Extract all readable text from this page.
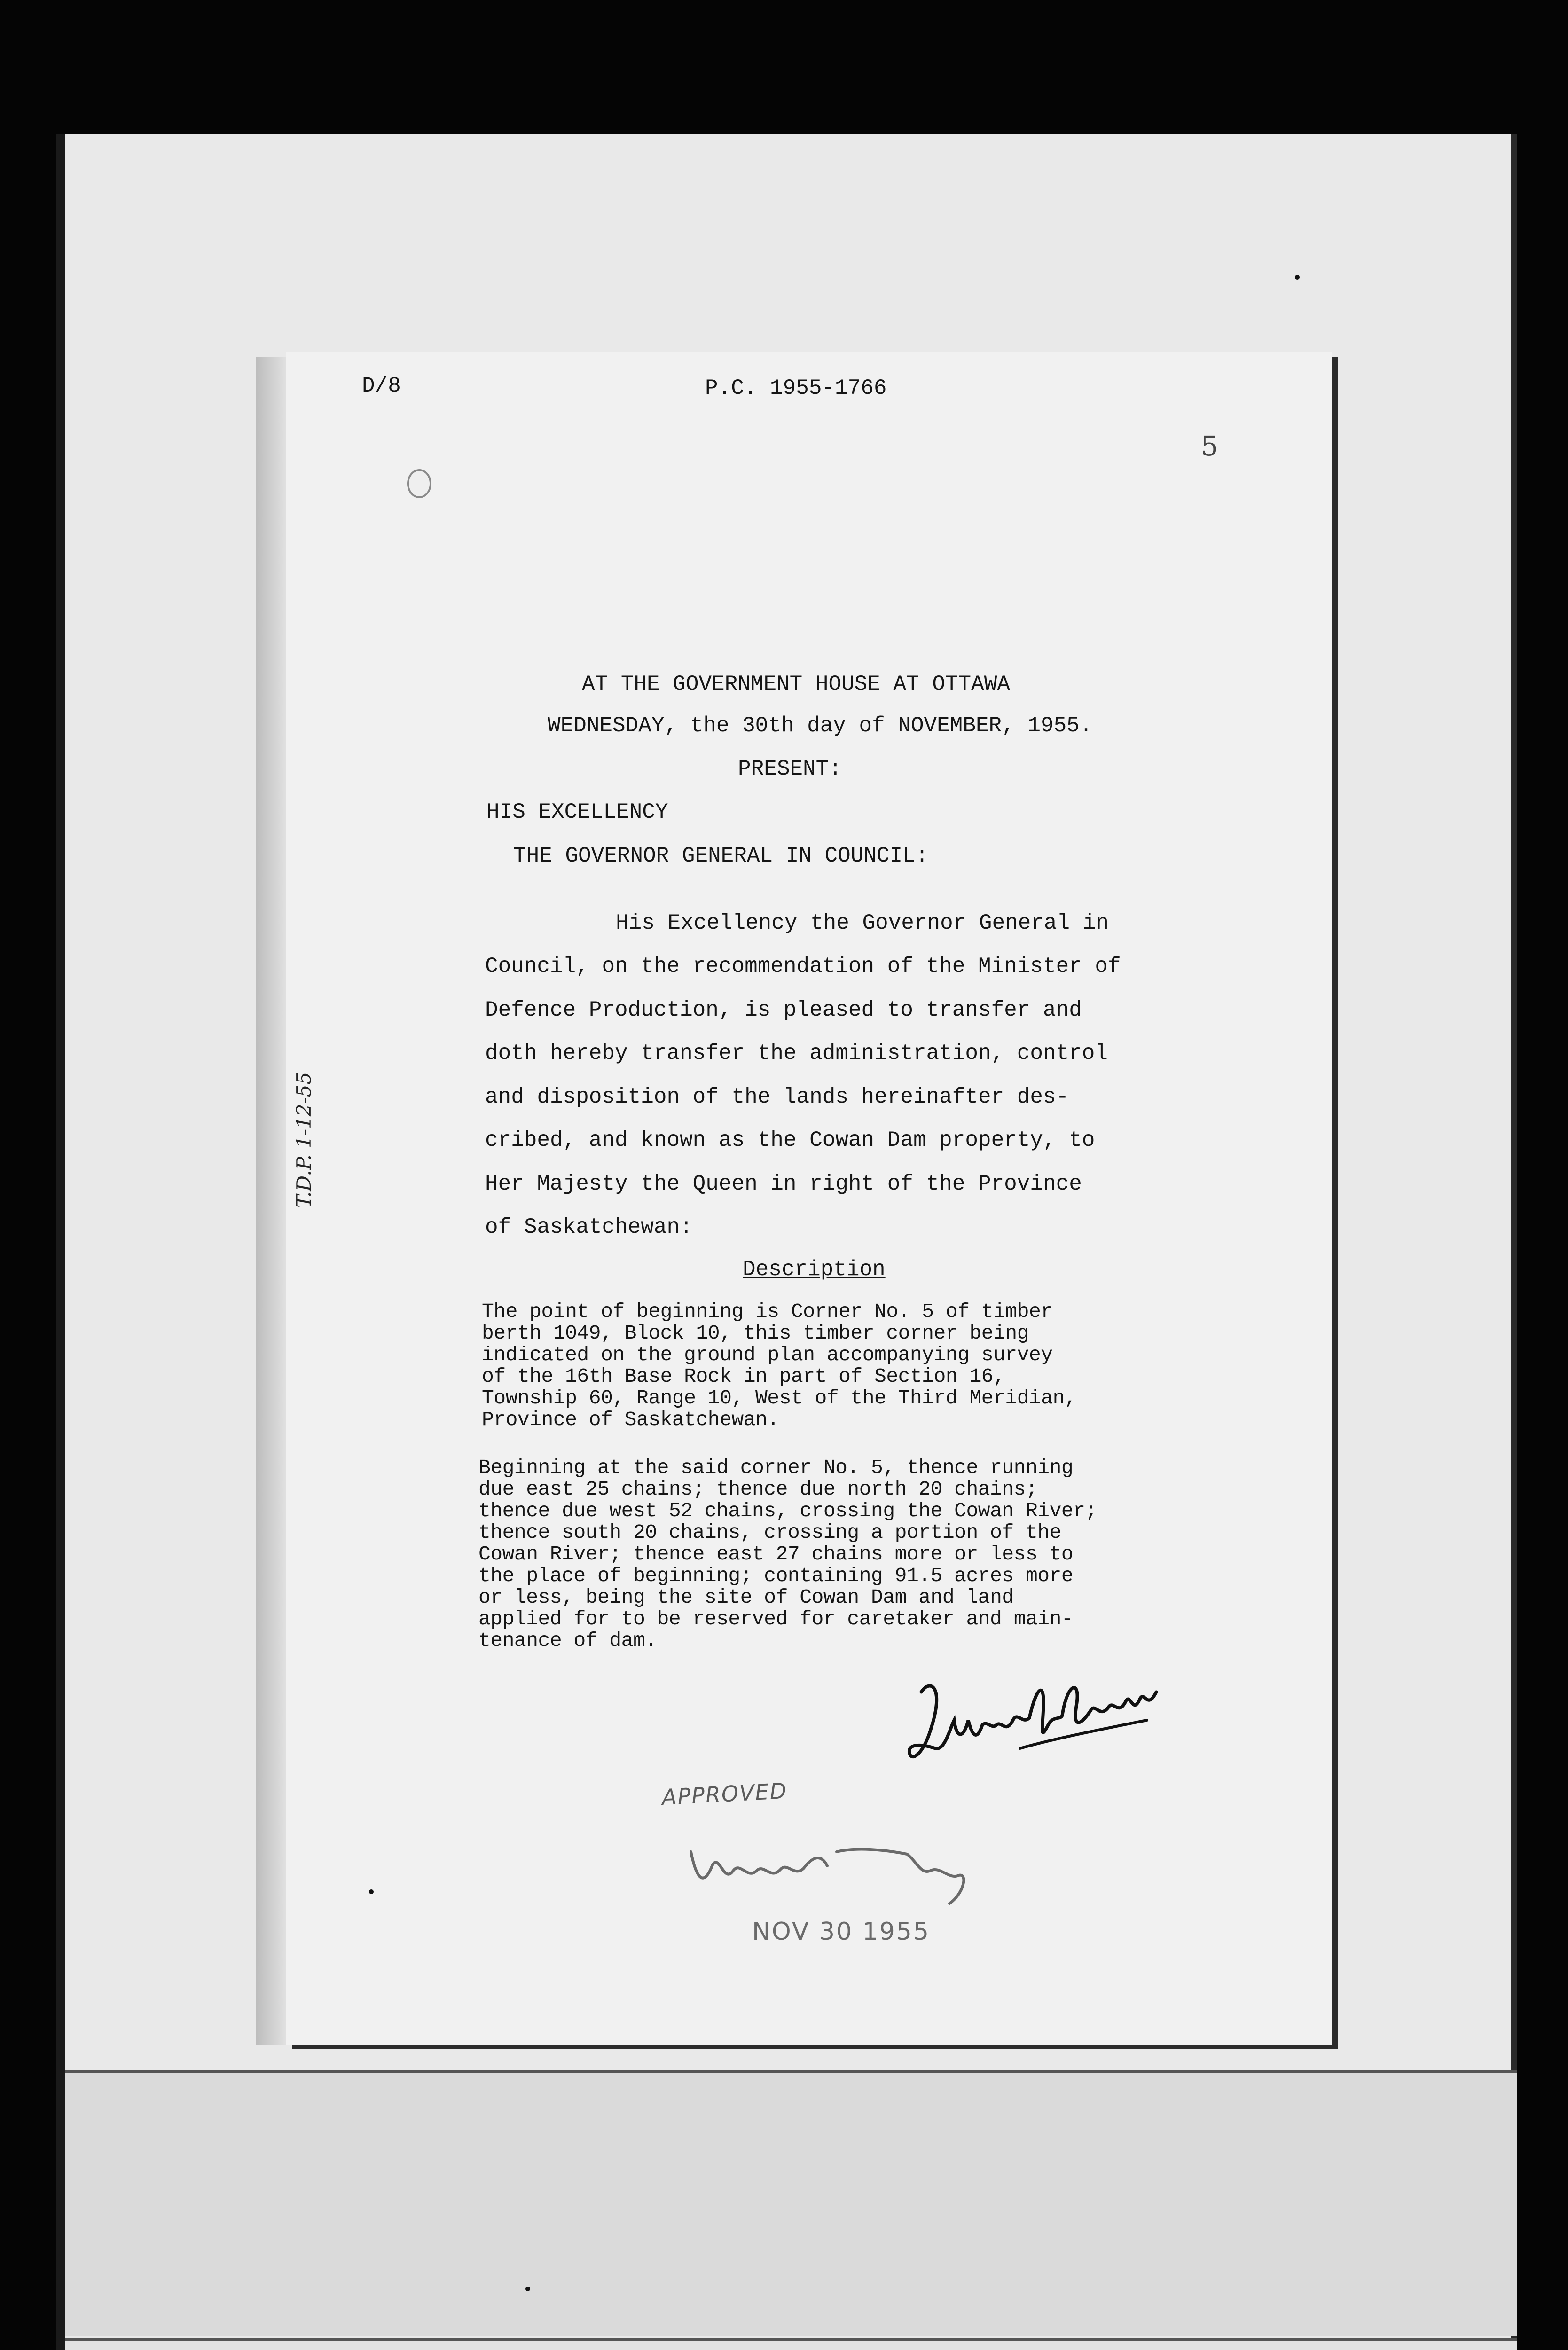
D/8	P.C. 1955-1766

5

AT THE GOVERNMENT HOUSE AT OTTAWA

WEDNESDAY, the 30th day of NOVEMBER, 1955.

PRESENT:

HIS EXCELLENCY

THE GOVERNOR GENERAL IN COUNCIL:

His Excellency the Governor General in

Council, on the recommendation of the Minister of

Defence Production, is pleased to transfer and

doth hereby transfer the administration, control

and disposition of the lands hereinafter des-

cribed, and known as the Cowan Dam property, to

Her Majesty the Queen in right of the Province

of Saskatchewan:

Description

The point of beginning is Corner No. 5 of timber

berth 1049, Block 10, this timber corner being

indicated on the ground plan accompanying survey

of the 16th Base Rock in part of Section 16,

Township 60, Range 10, West of the Third Meridian,

Province of Saskatchewan.

Beginning at the said corner No. 5, thence running

due east 25 chains; thence due north 20 chains;

thence due west 52 chains, crossing the Cowan River;

thence south 20 chains, crossing a portion of the

Cowan River; thence east 27 chains more or less to

the place of beginning; containing 91.5 acres more

or less, being the site of Cowan Dam and land

applied for to be reserved for caretaker and main-

tenance of dam.

T.D.P. 1-12-55
APPROVED
NOV 30 1955
